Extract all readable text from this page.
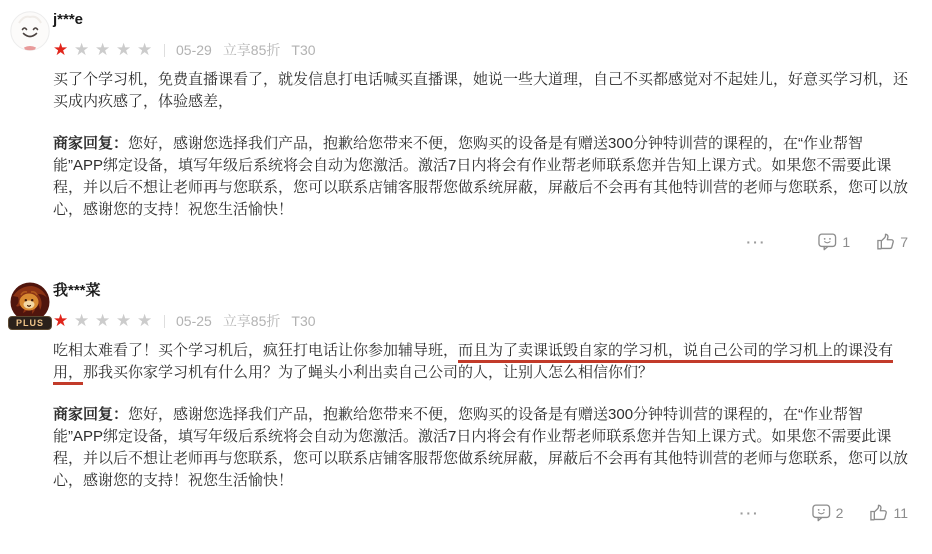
j***e
★
★
★
★
★
05-29 立享85折 T30

买了个学习机，免费直播课看了，就发信息打电话喊买直播课，她说一些大道理，自己不买都感觉对不起娃儿，好意买学习机，还买成内疚感了，体验感差，

商家回复：您好，感谢您选择我们产品，抱歉给您带来不便，您购买的设备是有赠送300分钟特训营的课程的，在“作业帮智能”APP绑定设备，填写年级后系统将会自动为您激活。激活7日内将会有作业帮老师联系您并告知上课方式。如果您不需要此课程，并以后不想让老师再与您联系，您可以联系店铺客服帮您做系统屏蔽，屏蔽后不会再有其他特训营的老师与您联系，您可以放心，感谢您的支持！祝您生活愉快！

···	1	7
PLUS
我***菜
★
★
★
★
★
05-25 立享85折 T30

吃相太难看了！买个学习机后，疯狂打电话让你参加辅导班，而且为了卖课诋毁自家的学习机，说自己公司的学习机上的课没有用，那我买你家学习机有什么用？为了蝇头小利出卖自己公司的人，让别人怎么相信你们？

商家回复：您好，感谢您选择我们产品，抱歉给您带来不便，您购买的设备是有赠送300分钟特训营的课程的，在“作业帮智能”APP绑定设备，填写年级后系统将会自动为您激活。激活7日内将会有作业帮老师联系您并告知上课方式。如果您不需要此课程，并以后不想让老师再与您联系，您可以联系店铺客服帮您做系统屏蔽，屏蔽后不会再有其他特训营的老师与您联系，您可以放心，感谢您的支持！祝您生活愉快！

···	2	11
